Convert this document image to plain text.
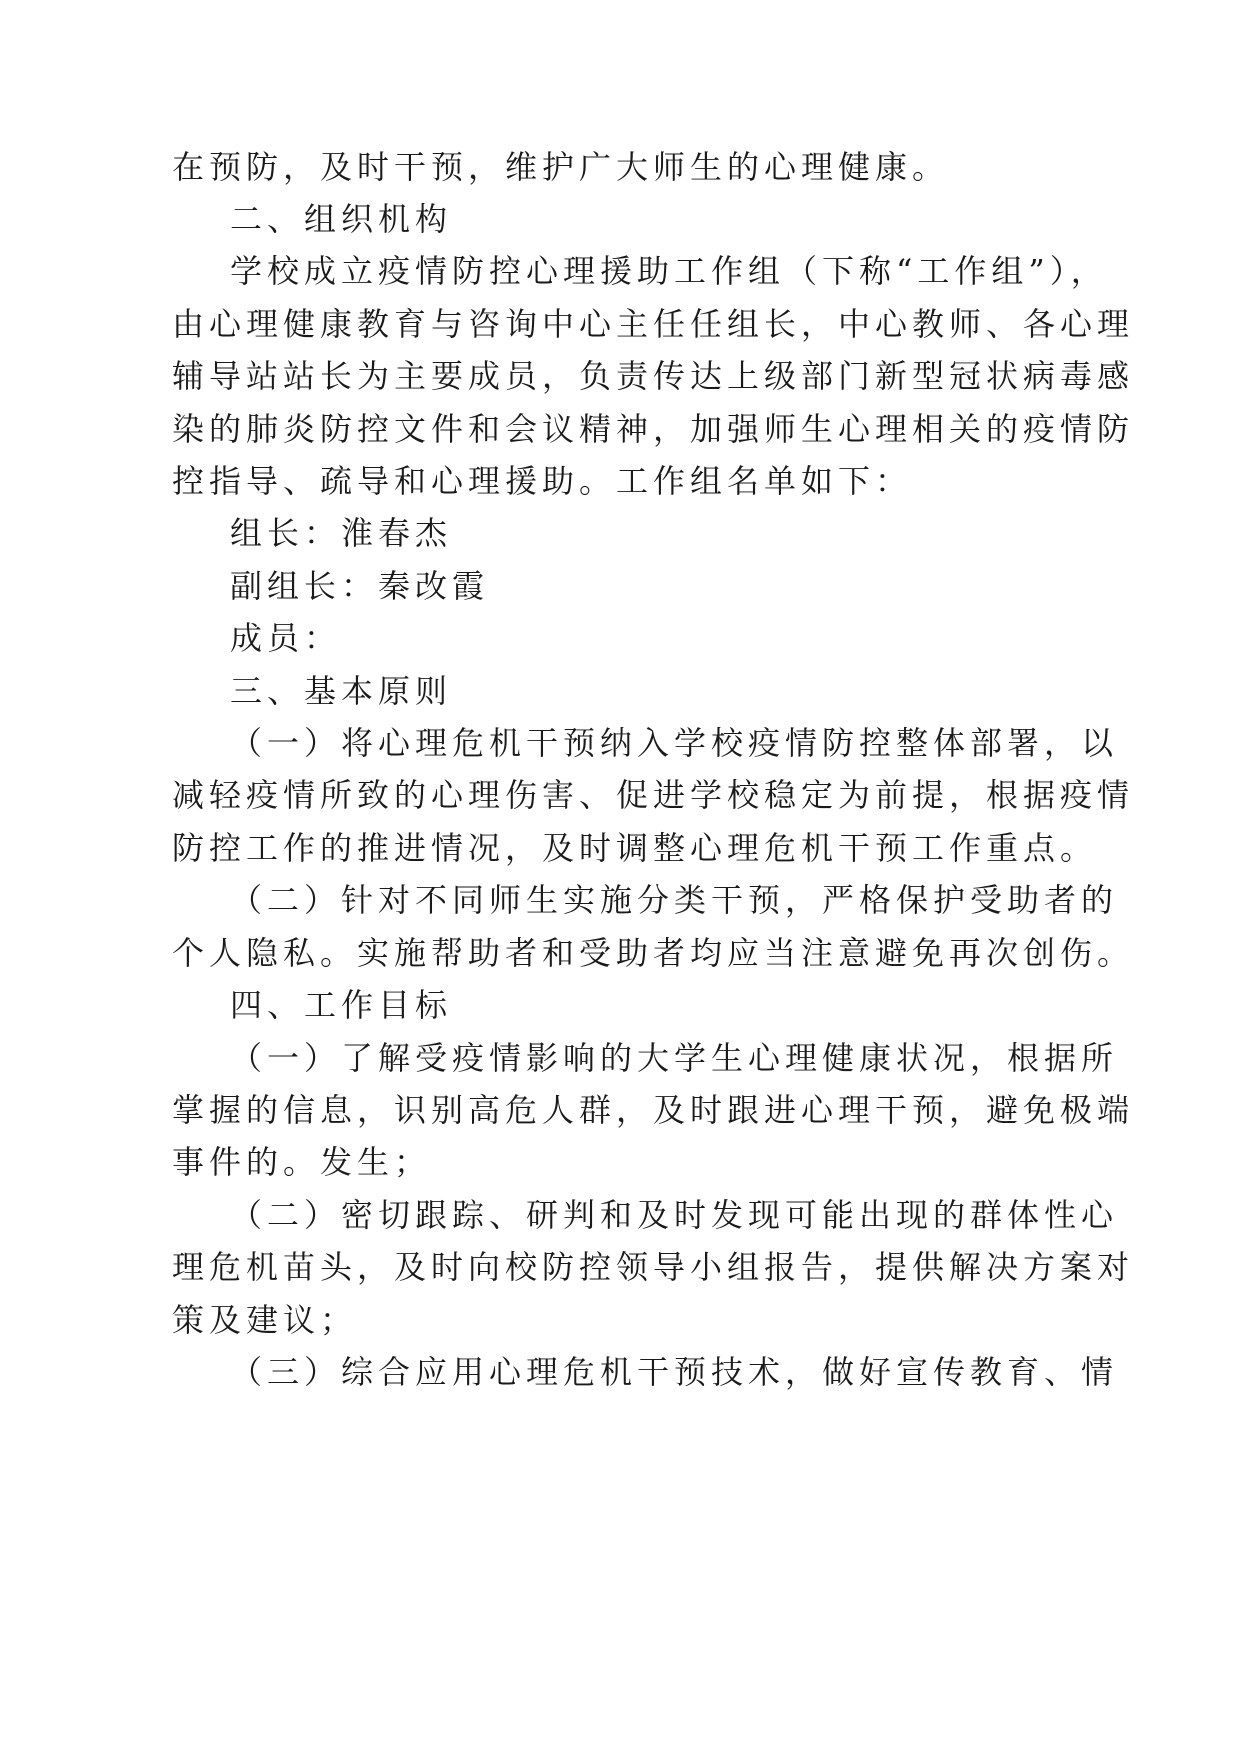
在预防，及时干预，维护广大师生的心理健康。
二、组织机构
学校成立疫情防控心理援助工作组（下称“工作组”），
由心理健康教育与咨询中心主任任组长，中心教师、各心理
辅导站站长为主要成员，负责传达上级部门新型冠状病毒感
染的肺炎防控文件和会议精神，加强师生心理相关的疫情防
控指导、疏导和心理援助。工作组名单如下：
组长：淮春杰
副组长：秦改霞
成员：
三、基本原则
（一）将心理危机干预纳入学校疫情防控整体部署，以
减轻疫情所致的心理伤害、促进学校稳定为前提，根据疫情
防控工作的推进情况，及时调整心理危机干预工作重点。
（二）针对不同师生实施分类干预，严格保护受助者的
个人隐私。实施帮助者和受助者均应当注意避免再次创伤。
四、工作目标
（一）了解受疫情影响的大学生心理健康状况，根据所
掌握的信息，识别高危人群，及时跟进心理干预，避免极端
事件的。发生；
（二）密切跟踪、研判和及时发现可能出现的群体性心
理危机苗头，及时向校防控领导小组报告，提供解决方案对
策及建议；
（三）综合应用心理危机干预技术，做好宣传教育、情
